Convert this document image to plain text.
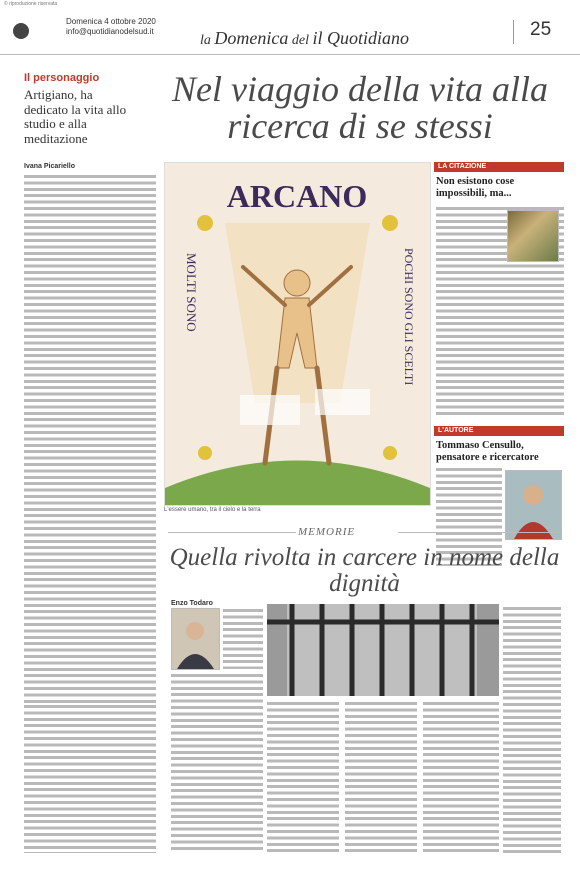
© riproduzione riservata
Domenica 4 ottobre 2020
info@quotidianodelsud.it
la Domenica del il Quotidiano	25
Il personaggio
Artigiano, ha dedicato la vita allo studio e alla meditazione
Nel viaggio della vita alla ricerca di se stessi
Ivana Picariello
ARCANO
MOLTI SONO	POCHI SONO GLI SCELTI
L'essere umano, tra il cielo e la terra
LA CITAZIONE
Non esistono cose impossibili, ma...
L'AUTORE
Tommaso Censullo, pensatore e ricercatore
MEMORIE
Quella rivolta in carcere in nome della dignità
Enzo Todaro
